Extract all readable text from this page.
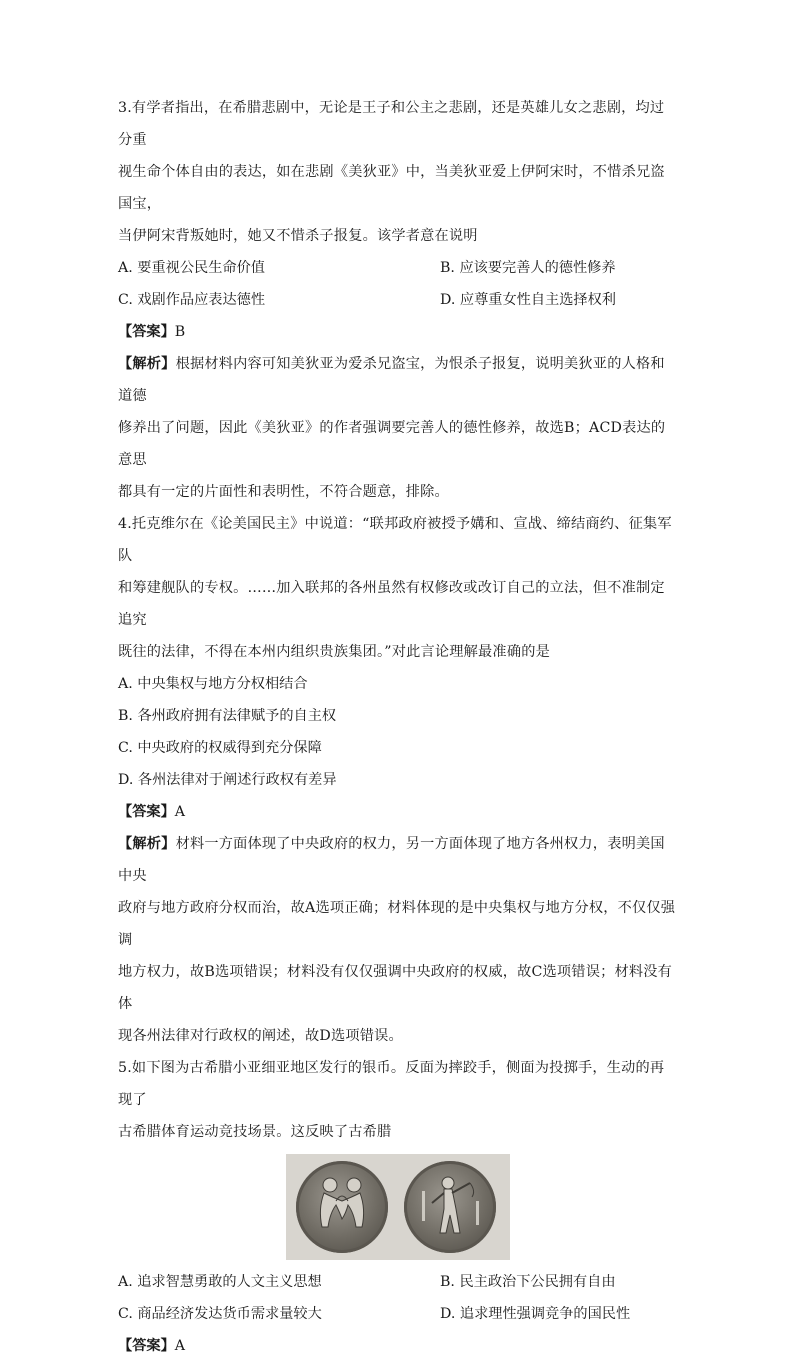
3.有学者指出，在希腊悲剧中，无论是王子和公主之悲剧，还是英雄儿女之悲剧，均过分重

视生命个体自由的表达，如在悲剧《美狄亚》中，当美狄亚爱上伊阿宋时，不惜杀兄盗国宝，

当伊阿宋背叛她时，她又不惜杀子报复。该学者意在说明

A. 要重视公民生命价值	B. 应该要完善人的德性修养
C. 戏剧作品应表达德性	D. 应尊重女性自主选择权利
【答案】B

【解析】根据材料内容可知美狄亚为爱杀兄盗宝，为恨杀子报复，说明美狄亚的人格和道德

修养出了问题，因此《美狄亚》的作者强调要完善人的德性修养，故选B；ACD表达的意思

都具有一定的片面性和表明性，不符合题意，排除。

4.托克维尔在《论美国民主》中说道：“联邦政府被授予媾和、宣战、缔结商约、征集军队

和筹建舰队的专权。……加入联邦的各州虽然有权修改或改订自己的立法，但不准制定追究

既往的法律，不得在本州内组织贵族集团。”对此言论理解最准确的是

A. 中央集权与地方分权相结合
B. 各州政府拥有法律赋予的自主权
C. 中央政府的权威得到充分保障
D. 各州法律对于阐述行政权有差异
【答案】A

【解析】材料一方面体现了中央政府的权力，另一方面体现了地方各州权力，表明美国中央

政府与地方政府分权而治，故A选项正确；材料体现的是中央集权与地方分权，不仅仅强调

地方权力，故B选项错误；材料没有仅仅强调中央政府的权威，故C选项错误；材料没有体

现各州法律对行政权的阐述，故D选项错误。

5.如下图为古希腊小亚细亚地区发行的银币。反面为摔跤手，侧面为投掷手，生动的再现了

古希腊体育运动竞技场景。这反映了古希腊

A. 追求智慧勇敢的人文主义思想	B. 民主政治下公民拥有自由
C. 商品经济发达货币需求量较大	D. 追求理性强调竞争的国民性
【答案】A
